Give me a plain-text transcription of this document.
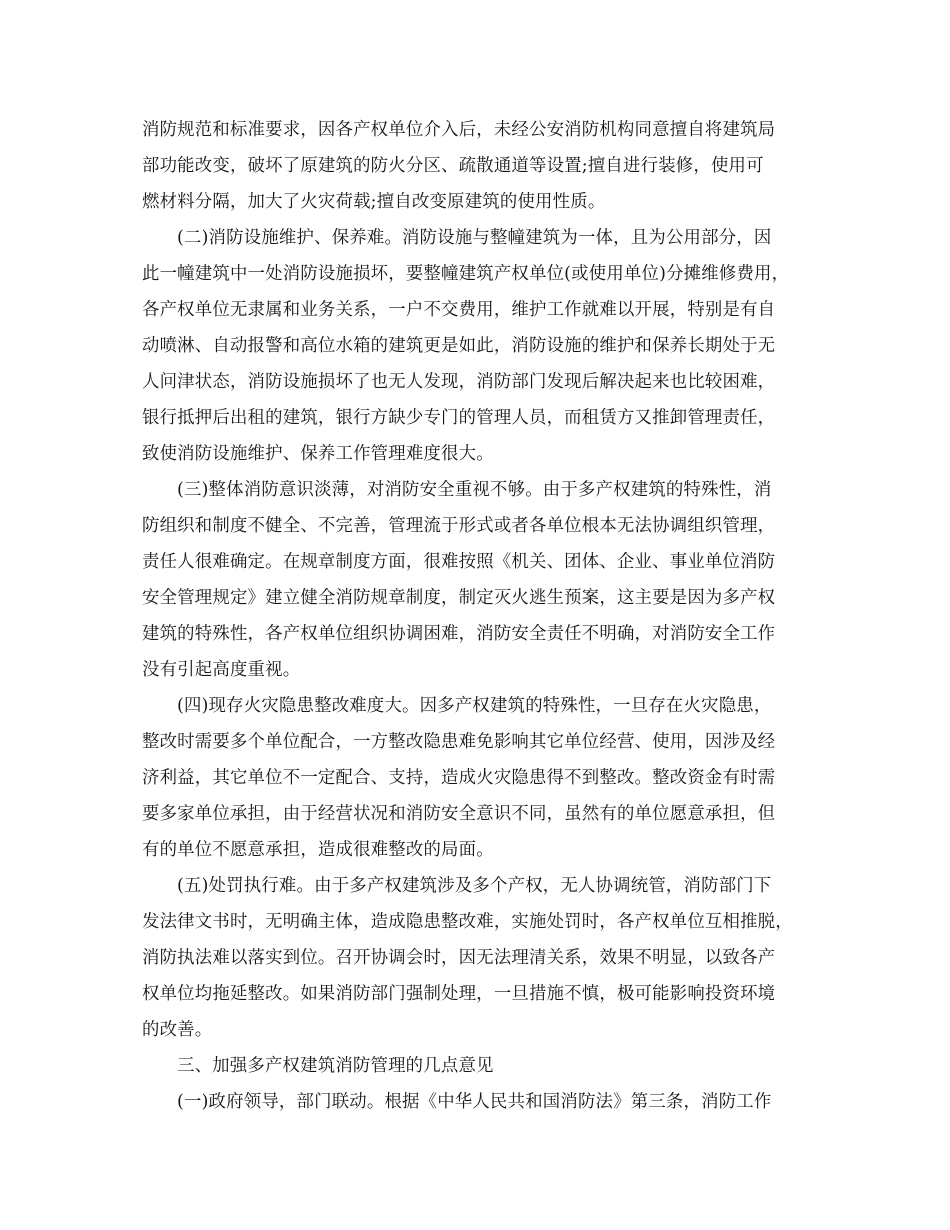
消防规范和标准要求，因各产权单位介入后，未经公安消防机构同意擅自将建筑局
部功能改变，破坏了原建筑的防火分区、疏散通道等设置;擅自进行装修，使用可
燃材料分隔，加大了火灾荷载;擅自改变原建筑的使用性质。
(二)消防设施维护、保养难。消防设施与整幢建筑为一体，且为公用部分，因
此一幢建筑中一处消防设施损坏，要整幢建筑产权单位(或使用单位)分摊维修费用，
各产权单位无隶属和业务关系，一户不交费用，维护工作就难以开展，特别是有自
动喷淋、自动报警和高位水箱的建筑更是如此，消防设施的维护和保养长期处于无
人问津状态，消防设施损坏了也无人发现，消防部门发现后解决起来也比较困难，
银行抵押后出租的建筑，银行方缺少专门的管理人员，而租赁方又推卸管理责任，
致使消防设施维护、保养工作管理难度很大。
(三)整体消防意识淡薄，对消防安全重视不够。由于多产权建筑的特殊性，消
防组织和制度不健全、不完善，管理流于形式或者各单位根本无法协调组织管理，
责任人很难确定。在规章制度方面，很难按照《机关、团体、企业、事业单位消防
安全管理规定》建立健全消防规章制度，制定灭火逃生预案，这主要是因为多产权
建筑的特殊性，各产权单位组织协调困难，消防安全责任不明确，对消防安全工作
没有引起高度重视。
(四)现存火灾隐患整改难度大。因多产权建筑的特殊性，一旦存在火灾隐患，
整改时需要多个单位配合，一方整改隐患难免影响其它单位经营、使用，因涉及经
济利益，其它单位不一定配合、支持，造成火灾隐患得不到整改。整改资金有时需
要多家单位承担，由于经营状况和消防安全意识不同，虽然有的单位愿意承担，但
有的单位不愿意承担，造成很难整改的局面。
(五)处罚执行难。由于多产权建筑涉及多个产权，无人协调统管，消防部门下
发法律文书时，无明确主体，造成隐患整改难，实施处罚时，各产权单位互相推脱，
消防执法难以落实到位。召开协调会时，因无法理清关系，效果不明显，以致各产
权单位均拖延整改。如果消防部门强制处理，一旦措施不慎，极可能影响投资环境
的改善。
三、加强多产权建筑消防管理的几点意见
(一)政府领导，部门联动。根据《中华人民共和国消防法》第三条，消防工作
